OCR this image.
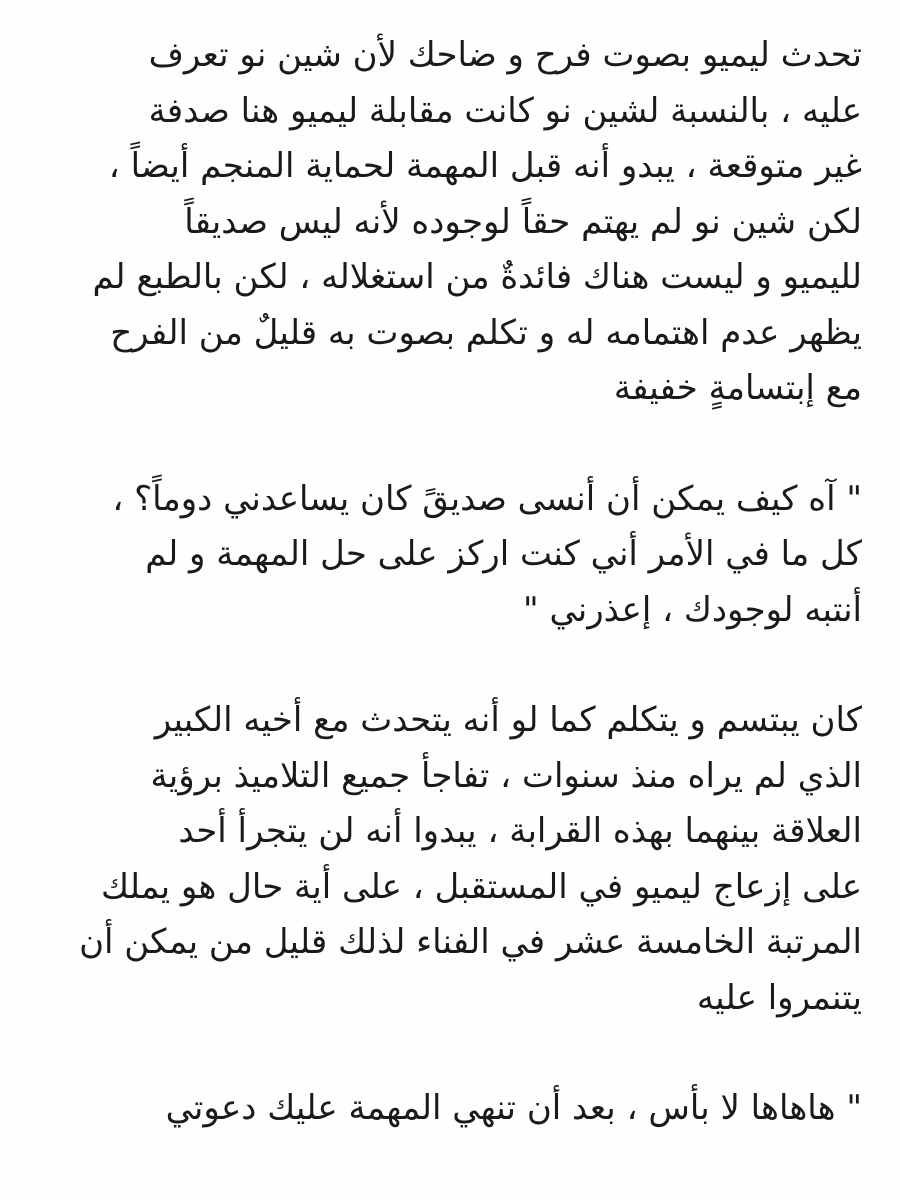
تحدث ليميو بصوت فرح و ضاحك لأن شين نو تعرف
عليه ، بالنسبة لشين نو كانت مقابلة ليميو هنا صدفة
غير متوقعة ، يبدو أنه قبل المهمة لحماية المنجم أيضاً ،
لكن شين نو لم يهتم حقاً لوجوده لأنه ليس صديقاً
لليميو و ليست هناك فائدةٌ من استغلاله ، لكن بالطبع لم
يظهر عدم اهتمامه له و تكلم بصوت به قليلٌ من الفرح
مع إبتسامةٍ خفيفة
" آه كيف يمكن أن أنسى صديقً كان يساعدني دوماً؟ ،
كل ما في الأمر أني كنت اركز على حل المهمة و لم
أنتبه لوجودك ، إعذرني "
كان يبتسم و يتكلم كما لو أنه يتحدث مع أخيه الكبير
الذي لم يراه منذ سنوات ، تفاجأ جميع التلاميذ برؤية
العلاقة بينهما بهذه القرابة ، يبدوا أنه لن يتجرأ أحد
على إزعاج ليميو في المستقبل ، على أية حال هو يملك
المرتبة الخامسة عشر في الفناء لذلك قليل من يمكن أن
يتنمروا عليه
" هاهاها لا بأس ، بعد أن تنهي المهمة عليك دعوتي
